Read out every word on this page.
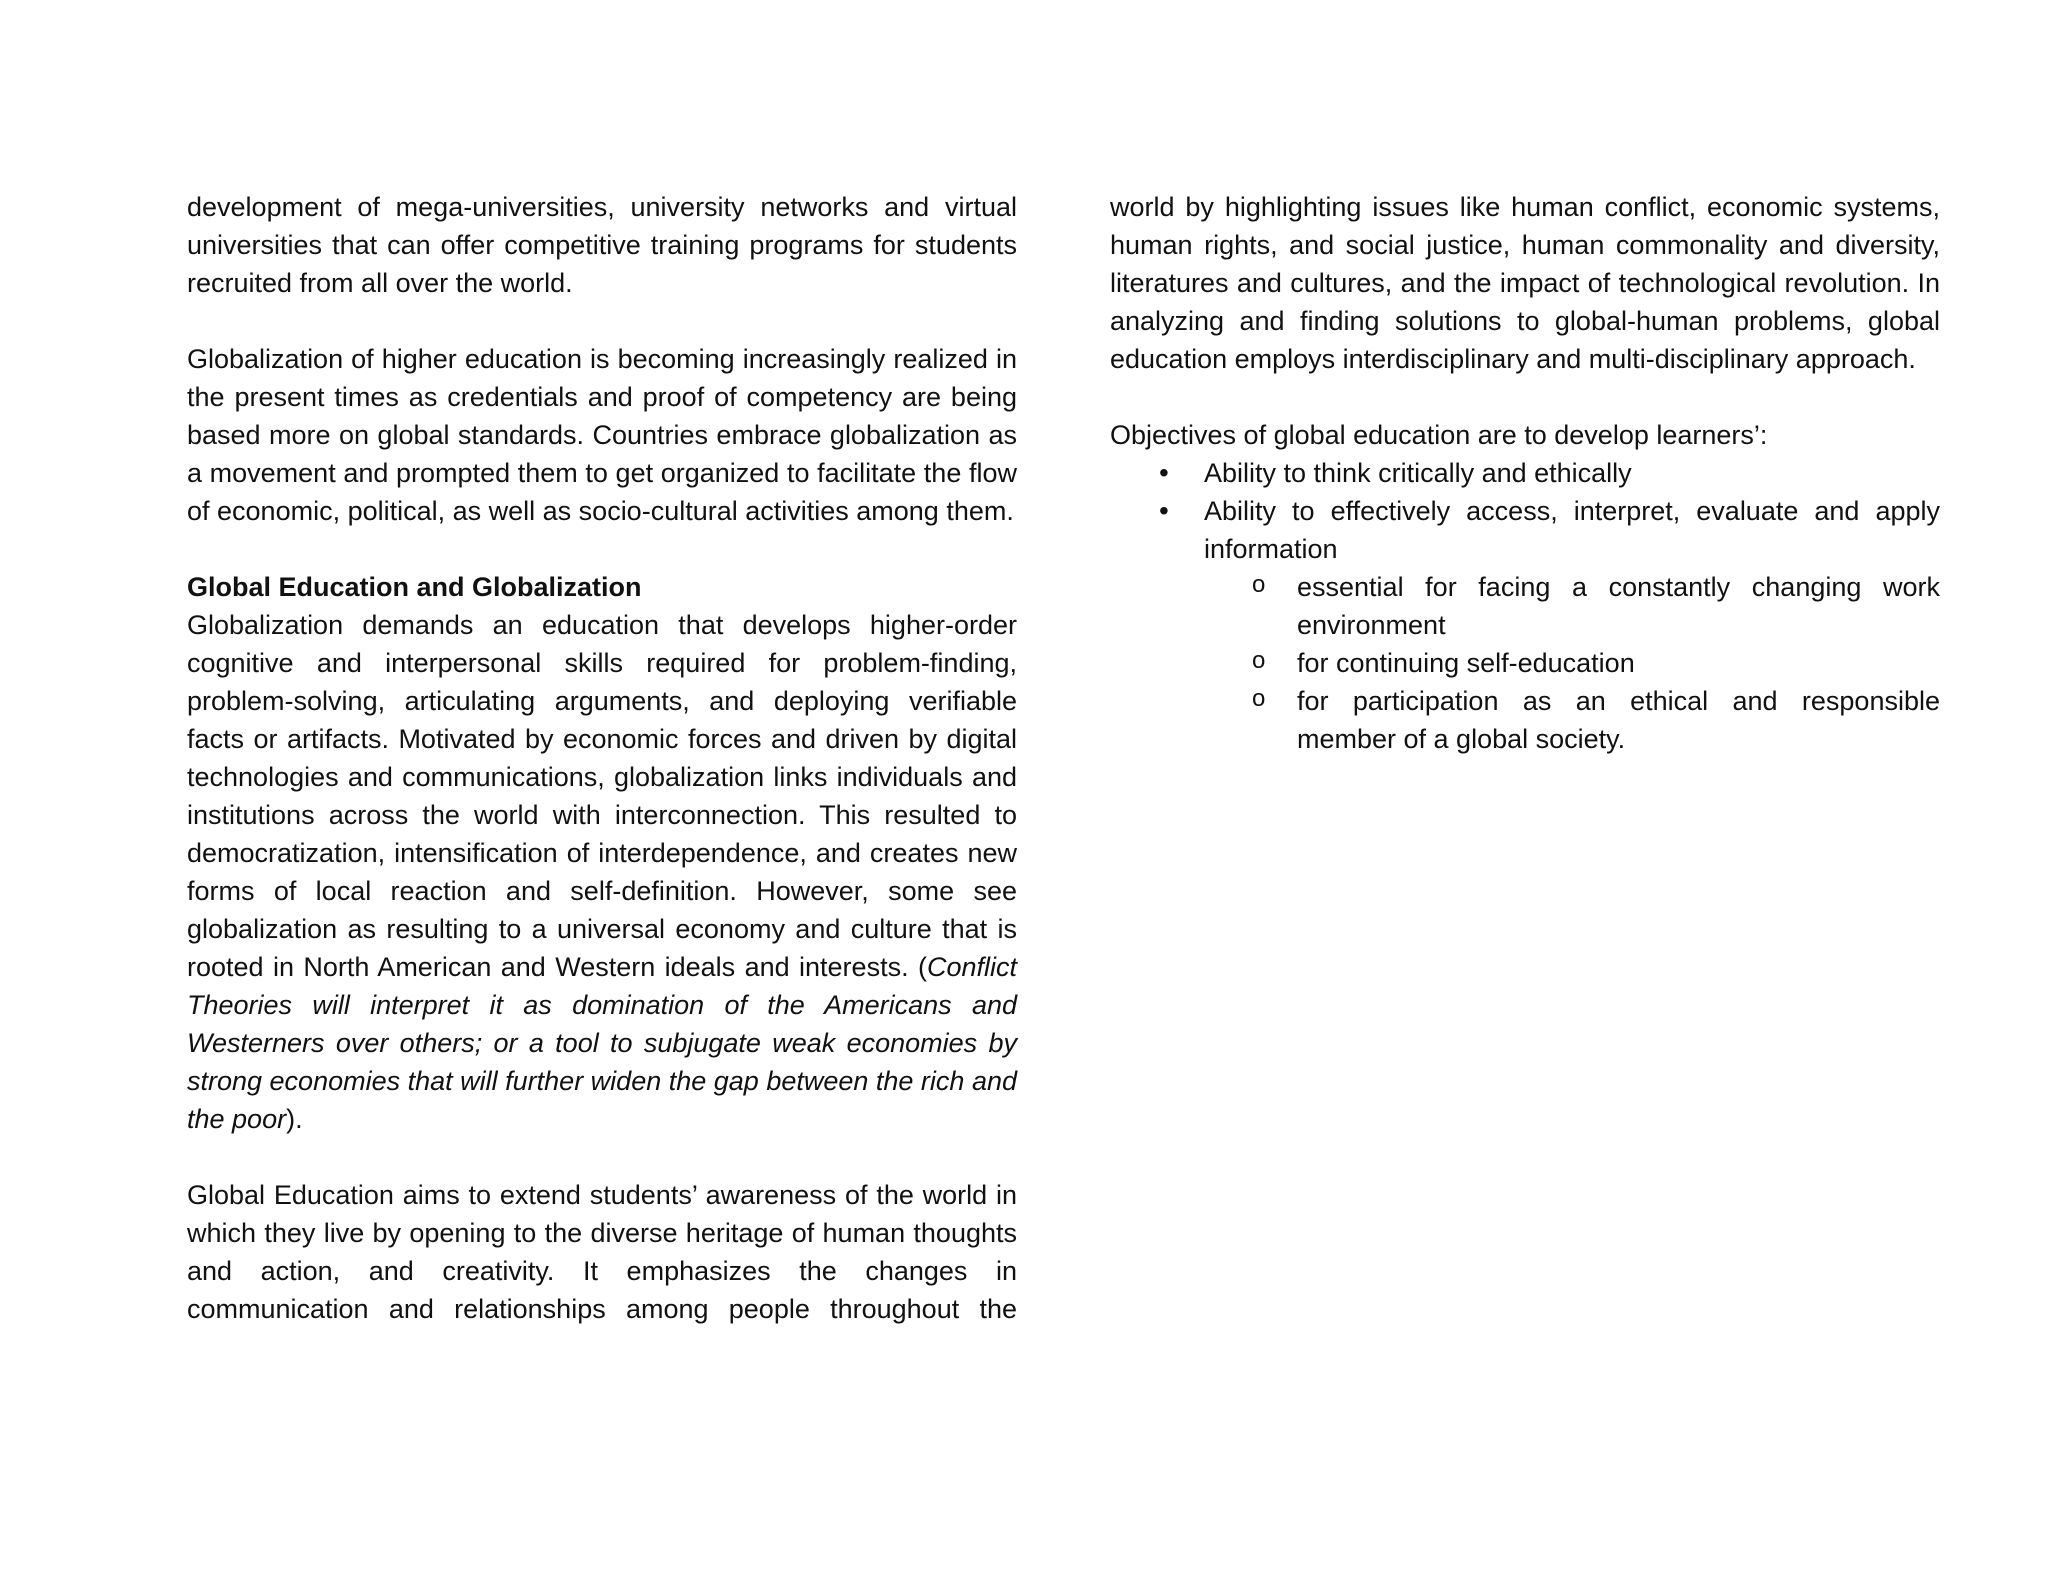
development of mega-universities, university networks and virtual universities that can offer competitive training programs for students recruited from all over the world.

Globalization of higher education is becoming increasingly realized in the present times as credentials and proof of competency are being based more on global standards. Countries embrace globalization as a movement and prompted them to get organized to facilitate the flow of economic, political, as well as socio-cultural activities among them.

Global Education and Globalization

Globalization demands an education that develops higher-order cognitive and interpersonal skills required for problem-finding, problem-solving, articulating arguments, and deploying verifiable facts or artifacts. Motivated by economic forces and driven by digital technologies and communications, globalization links individuals and institutions across the world with interconnection. This resulted to democratization, intensification of interdependence, and creates new forms of local reaction and self-definition. However, some see globalization as resulting to a universal economy and culture that is rooted in North American and Western ideals and interests. (Conflict Theories will interpret it as domination of the Americans and Westerners over others; or a tool to subjugate weak economies by strong economies that will further widen the gap between the rich and the poor).

Global Education aims to extend students’ awareness of the world in which they live by opening to the diverse heritage of human thoughts and action, and creativity. It emphasizes the changes in communication and relationships among people throughout the

world by highlighting issues like human conflict, economic systems, human rights, and social justice, human commonality and diversity, literatures and cultures, and the impact of technological revolution. In analyzing and finding solutions to global-human problems, global education employs interdisciplinary and multi-disciplinary approach.

Objectives of global education are to develop learners’:
• Ability to think critically and ethically
• Ability to effectively access, interpret, evaluate and apply information
o essential for facing a constantly changing work environment
o for continuing self-education
o for participation as an ethical and responsible member of a global society.
